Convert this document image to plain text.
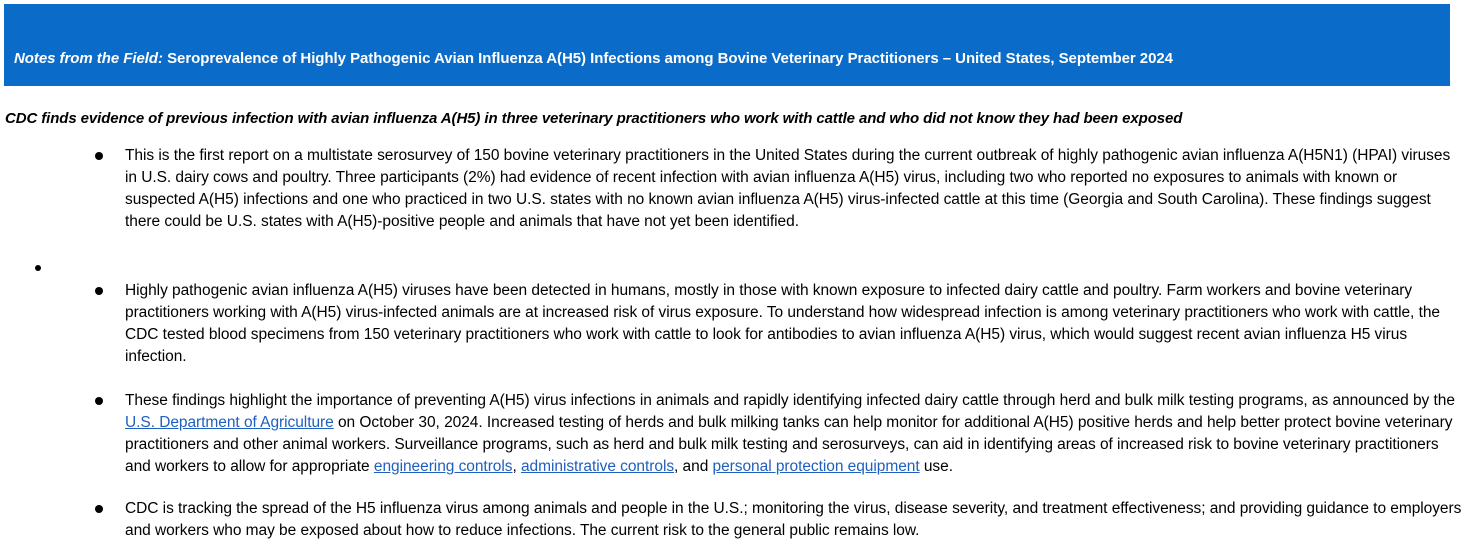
Notes from the Field: Seroprevalence of Highly Pathogenic Avian Influenza A(H5) Infections among Bovine Veterinary Practitioners – United States, September 2024
CDC finds evidence of previous infection with avian influenza A(H5) in three veterinary practitioners who work with cattle and who did not know they had been exposed

This is the first report on a multistate serosurvey of 150 bovine veterinary practitioners in the United States during the current outbreak of highly pathogenic avian influenza A(H5N1) (HPAI) viruses in U.S. dairy cows and poultry. Three participants (2%) had evidence of recent infection with avian influenza A(H5) virus, including two who reported no exposures to animals with known or suspected A(H5) infections and one who practiced in two U.S. states with no known avian influenza A(H5) virus-infected cattle at this time (Georgia and South Carolina). These findings suggest there could be U.S. states with A(H5)-positive people and animals that have not yet been identified.

Highly pathogenic avian influenza A(H5) viruses have been detected in humans, mostly in those with known exposure to infected dairy cattle and poultry. Farm workers and bovine veterinary practitioners working with A(H5) virus-infected animals are at increased risk of virus exposure. To understand how widespread infection is among veterinary practitioners who work with cattle, the CDC tested blood specimens from 150 veterinary practitioners who work with cattle to look for antibodies to avian influenza A(H5) virus, which would suggest recent avian influenza H5 virus infection.

These findings highlight the importance of preventing A(H5) virus infections in animals and rapidly identifying infected dairy cattle through herd and bulk milk testing programs, as announced by the U.S. Department of Agriculture on October 30, 2024. Increased testing of herds and bulk milking tanks can help monitor for additional A(H5) positive herds and help better protect bovine veterinary practitioners and other animal workers. Surveillance programs, such as herd and bulk milk testing and serosurveys, can aid in identifying areas of increased risk to bovine veterinary practitioners and workers to allow for appropriate engineering controls, administrative controls, and personal protection equipment use.

CDC is tracking the spread of the H5 influenza virus among animals and people in the U.S.; monitoring the virus, disease severity, and treatment effectiveness; and providing guidance to employers and workers who may be exposed about how to reduce infections. The current risk to the general public remains low.
